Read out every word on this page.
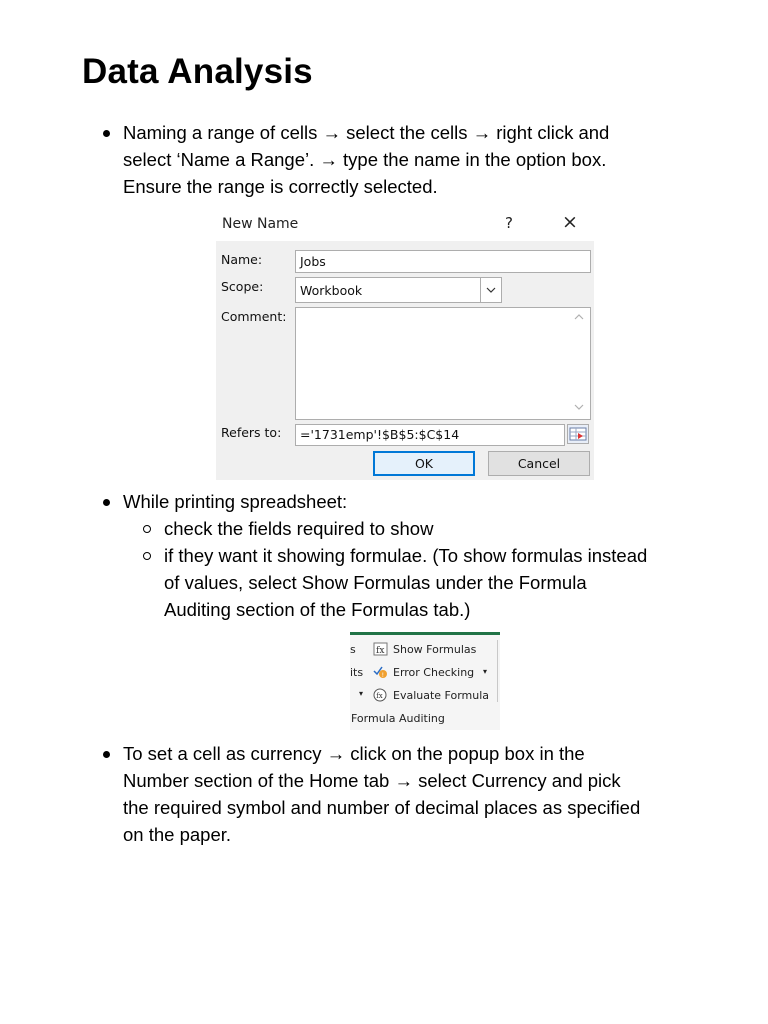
Data Analysis
Naming a range of cells → select the cells → right click and
select ‘Name a Range’. → type the name in the option box.
Ensure the range is correctly selected.
New Name	?	×
Name:	Jobs
Scope:	Workbook
Comment:
Refers to: ='1731emp'!$B$5:$C$14
OK	Cancel
While printing spreadsheet:
check the fields required to show
if they want it showing formulae. (To show formulas instead
of values, select Show Formulas under the Formula
Auditing section of the Formulas tab.)
s
its
▾
fx Show Formulas
! Error Checking ▾
fx Evaluate Formula
Formula Auditing
To set a cell as currency → click on the popup box in the
Number section of the Home tab → select Currency and pick
the required symbol and number of decimal places as specified
on the paper.
